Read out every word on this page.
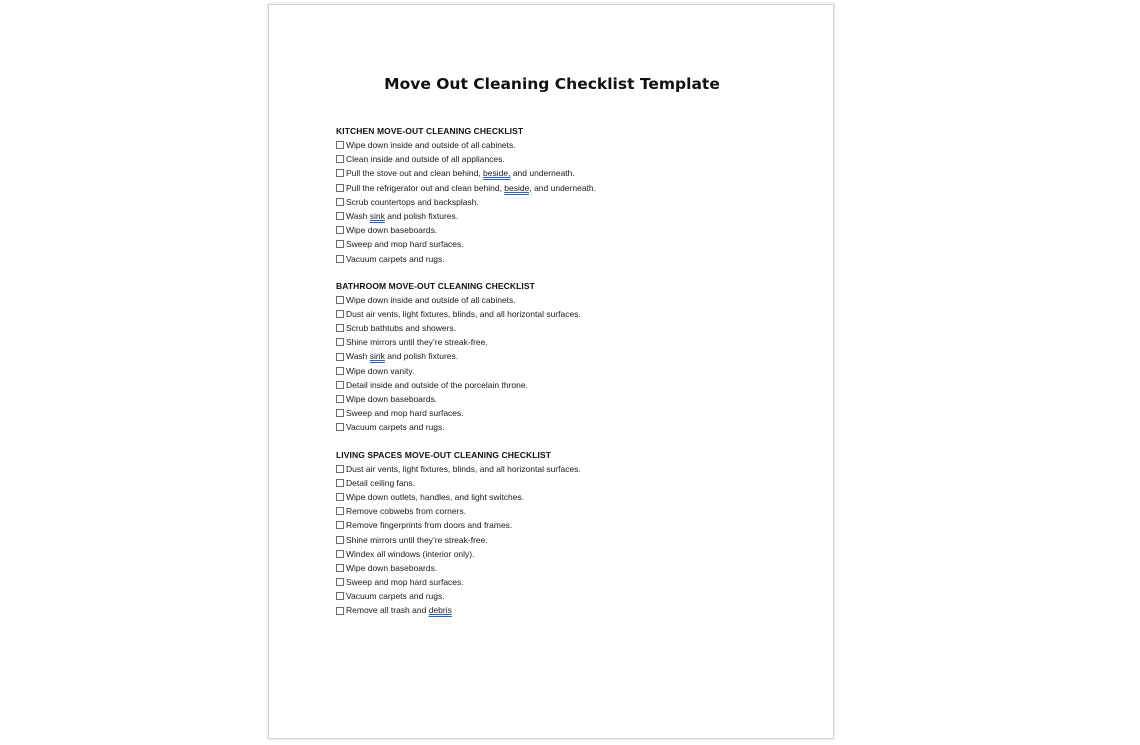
Move Out Cleaning Checklist Template
KITCHEN MOVE-OUT CLEANING CHECKLIST
Wipe down inside and outside of all cabinets.
Clean inside and outside of all appliances.
Pull the stove out and clean behind, beside, and underneath.
Pull the refrigerator out and clean behind, beside, and underneath.
Scrub countertops and backsplash.
Wash sink and polish fixtures.
Wipe down baseboards.
Sweep and mop hard surfaces.
Vacuum carpets and rugs.
BATHROOM MOVE-OUT CLEANING CHECKLIST
Wipe down inside and outside of all cabinets.
Dust air vents, light fixtures, blinds, and all horizontal surfaces.
Scrub bathtubs and showers.
Shine mirrors until they’re streak-free.
Wash sink and polish fixtures.
Wipe down vanity.
Detail inside and outside of the porcelain throne.
Wipe down baseboards.
Sweep and mop hard surfaces.
Vacuum carpets and rugs.
LIVING SPACES MOVE-OUT CLEANING CHECKLIST
Dust air vents, light fixtures, blinds, and all horizontal surfaces.
Detail ceiling fans.
Wipe down outlets, handles, and light switches.
Remove cobwebs from corners.
Remove fingerprints from doors and frames.
Shine mirrors until they’re streak-free.
Windex all windows (interior only).
Wipe down baseboards.
Sweep and mop hard surfaces.
Vacuum carpets and rugs.
Remove all trash and debris
